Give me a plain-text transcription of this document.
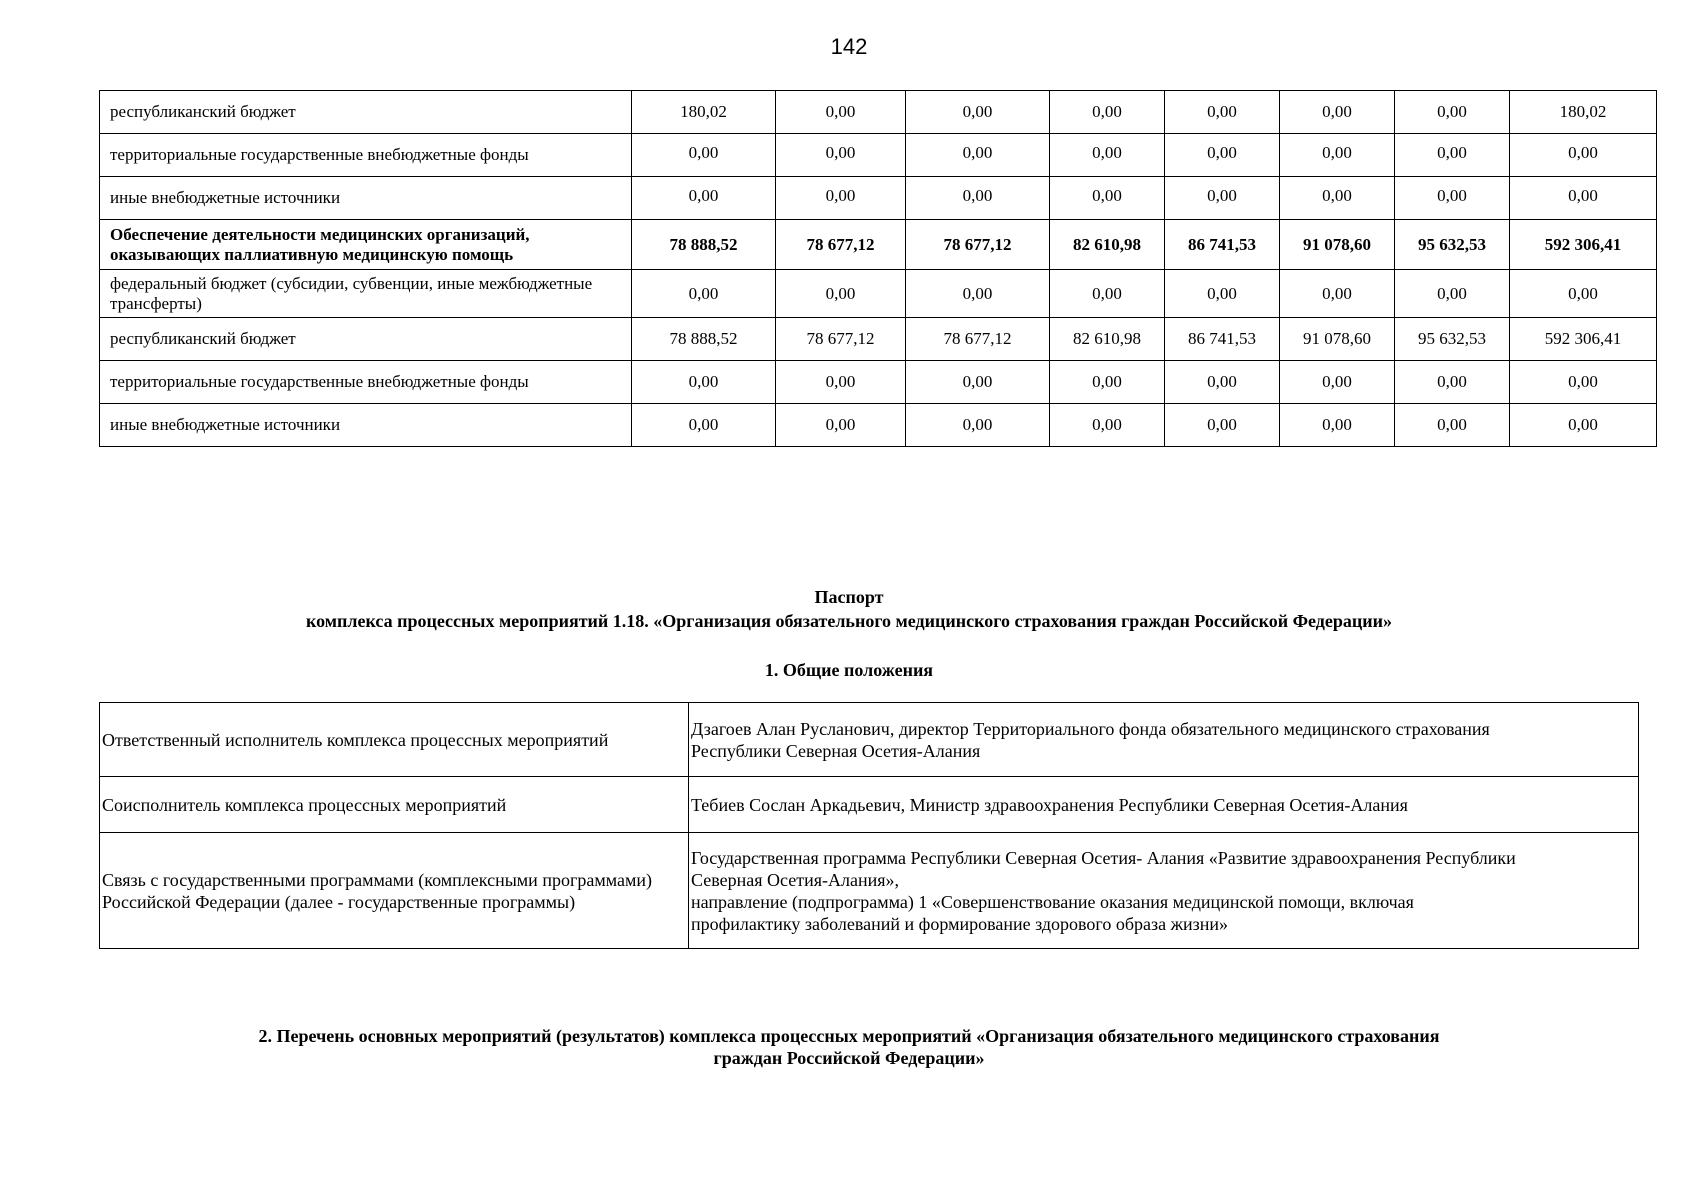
142
республиканский бюджет	180,02	0,00	0,00	0,00	0,00	0,00	0,00	180,02
территориальные государственные внебюджетные фонды	0,00	0,00	0,00	0,00	0,00	0,00	0,00	0,00
иные внебюджетные источники	0,00	0,00	0,00	0,00	0,00	0,00	0,00	0,00
Обеспечение деятельности медицинских организаций, оказывающих паллиативную медицинскую помощь	78 888,52	78 677,12	78 677,12	82 610,98	86 741,53	91 078,60	95 632,53	592 306,41
федеральный бюджет (субсидии, субвенции, иные межбюджетные трансферты)	0,00	0,00	0,00	0,00	0,00	0,00	0,00	0,00
республиканский бюджет	78 888,52	78 677,12	78 677,12	82 610,98	86 741,53	91 078,60	95 632,53	592 306,41
территориальные государственные внебюджетные фонды	0,00	0,00	0,00	0,00	0,00	0,00	0,00	0,00
иные внебюджетные источники	0,00	0,00	0,00	0,00	0,00	0,00	0,00	0,00
Паспорт
комплекса процессных мероприятий 1.18. «Организация обязательного медицинского страхования граждан Российской Федерации»
1. Общие положения
Ответственный исполнитель комплекса процессных мероприятий	Дзагоев Алан Русланович, директор Территориального фонда обязательного медицинского страхования
Республики Северная Осетия-Алания

Соисполнитель комплекса процессных мероприятий	Тебиев Сослан Аркадьевич, Министр здравоохранения Республики Северная Осетия-Алания

Связь с государственными программами (комплексными программами) Российской Федерации (далее - государственные программы)	Государственная программа Республики Северная Осетия- Алания «Развитие здравоохранения Республики
Северная Осетия-Алания»,
направление (подпрограмма) 1 «Совершенствование оказания медицинской помощи, включая
профилактику заболеваний и формирование здорового образа жизни»
2. Перечень основных мероприятий (результатов) комплекса процессных мероприятий «Организация обязательного медицинского страхования
граждан Российской Федерации»
